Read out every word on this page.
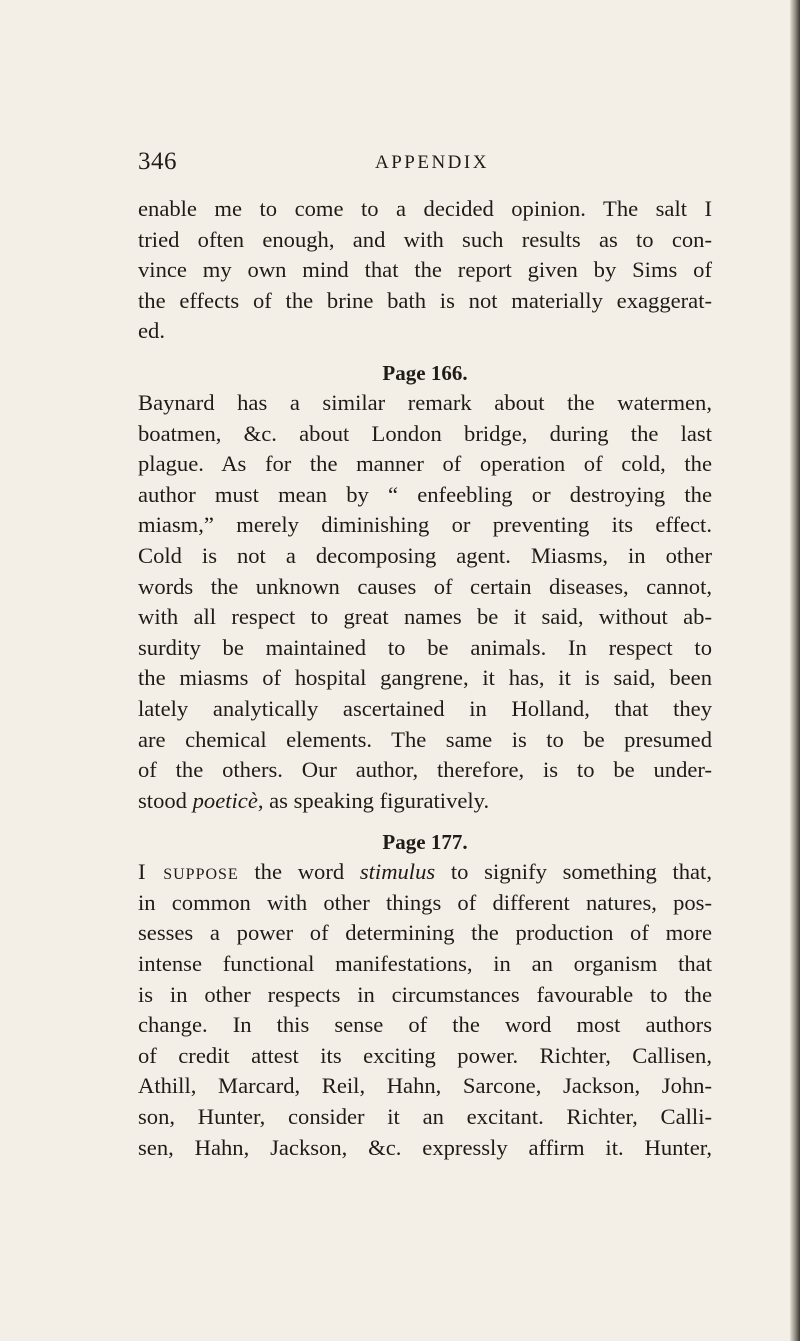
346	APPENDIX

enable me to come to a decided opinion. The salt I
tried often enough, and with such results as to con-
vince my own mind that the report given by Sims of
the effects of the brine bath is not materially exaggerat-
ed.

Page 166.

Baynard has a similar remark about the watermen,
boatmen, &c. about London bridge, during the last
plague. As for the manner of operation of cold, the
author must mean by “ enfeebling or destroying the
miasm,” merely diminishing or preventing its effect.
Cold is not a decomposing agent. Miasms, in other
words the unknown causes of certain diseases, cannot,
with all respect to great names be it said, without ab-
surdity be maintained to be animals. In respect to
the miasms of hospital gangrene, it has, it is said, been
lately analytically ascertained in Holland, that they
are chemical elements. The same is to be presumed
of the others. Our author, therefore, is to be under-
stood poeticè, as speaking figuratively.

Page 177.

I suppose the word stimulus to signify something that,
in common with other things of different natures, pos-
sesses a power of determining the production of more
intense functional manifestations, in an organism that
is in other respects in circumstances favourable to the
change. In this sense of the word most authors
of credit attest its exciting power. Richter, Callisen,
Athill, Marcard, Reil, Hahn, Sarcone, Jackson, John-
son, Hunter, consider it an excitant. Richter, Calli-
sen, Hahn, Jackson, &c. expressly affirm it. Hunter,
